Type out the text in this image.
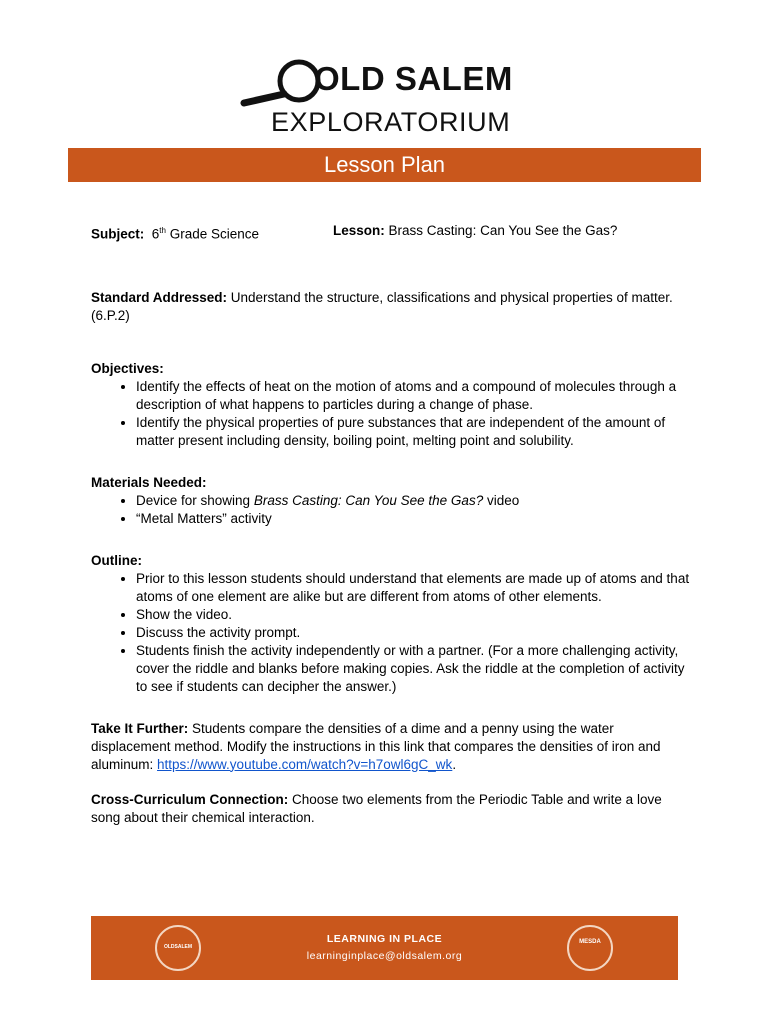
OLD SALEM
EXPLORATORIUM
Lesson Plan
Subject: 6th Grade Science	Lesson: Brass Casting: Can You See the Gas?

Standard Addressed: Understand the structure, classifications and physical properties of matter. (6.P.2)

Objectives:

• Identify the effects of heat on the motion of atoms and a compound of molecules through a description of what happens to particles during a change of phase.
• Identify the physical properties of pure substances that are independent of the amount of matter present including density, boiling point, melting point and solubility.

Materials Needed:

• Device for showing Brass Casting: Can You See the Gas? video
• “Metal Matters” activity

Outline:

• Prior to this lesson students should understand that elements are made up of atoms and that atoms of one element are alike but are different from atoms of other elements.
• Show the video.
• Discuss the activity prompt.
• Students finish the activity independently or with a partner. (For a more challenging activity, cover the riddle and blanks before making copies. Ask the riddle at the completion of activity to see if students can decipher the answer.)

Take It Further: Students compare the densities of a dime and a penny using the water displacement method. Modify the instructions in this link that compares the densities of iron and aluminum: https://www.youtube.com/watch?v=h7owl6gC_wk.

Cross-Curriculum Connection: Choose two elements from the Periodic Table and write a love song about their chemical interaction.

OLDSALEM
LEARNING IN PLACE
learninginplace@oldsalem.org
MESDA
